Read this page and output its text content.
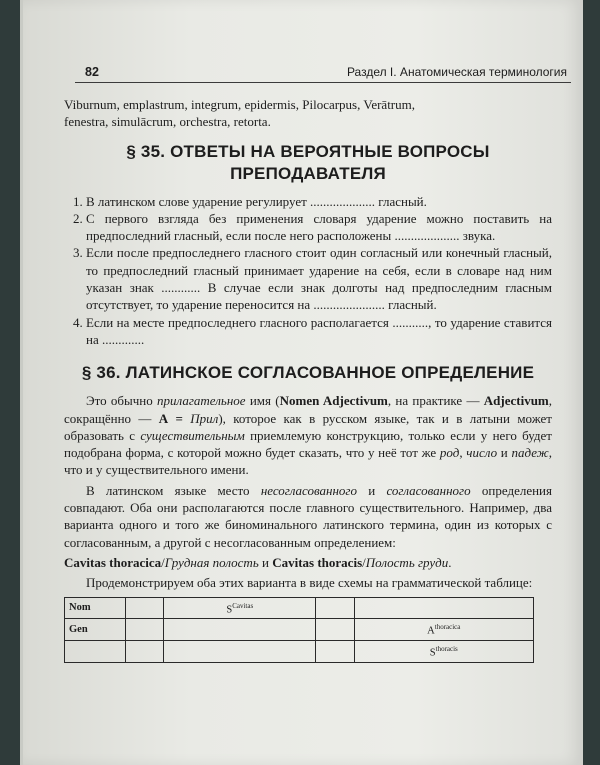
82	Раздел I. Анатомическая терминология

Viburnum, emplastrum, integrum, epidermis, Pilocarpus, Verātrum,
fenestra, simulācrum, orchestra, retorta.

§ 35. ОТВЕТЫ НА ВЕРОЯТНЫЕ ВОПРОСЫ
ПРЕПОДАВАТЕЛЯ
1. В латинском слове ударение регулирует .................... гласный.
2. С первого взгляда без применения словаря ударение можно поставить на предпоследний гласный, если после него расположены .................... звука.
3. Если после предпоследнего гласного стоит один согласный или конечный гласный, то предпоследний гласный принимает ударение на себя, если в словаре над ним указан знак ............ В случае если знак долготы над предпоследним гласным отсутствует, то ударение переносится на ...................... гласный.
4. Если на месте предпоследнего гласного располагается ..........., то ударение ставится на .............
§ 36. ЛАТИНСКОЕ СОГЛАСОВАННОЕ ОПРЕДЕЛЕНИЕ

Это обычно прилагательное имя (Nomen Adjectivum, на практике — Adjectivum, сокращённо — А = Прил), которое как в русском языке, так и в латыни может образовать с существительным приемлемую конструкцию, только если у него будет подобрана форма, с которой можно будет сказать, что у неё тот же род, число и падеж, что и у существительного имени.

В латинском языке место несогласованного и согласованного определения совпадают. Оба они располагаются после главного существительного. Например, два варианта одного и того же биноминального латинского термина, один из которых с согласованным, а другой с несогласованным определением:

Cavitas thoracica/Грудная полость и Cavitas thoracis/Полость груди.

Продемонстрируем оба этих варианта в виде схемы на грамматической таблице:

Nom		$S^{Cavitas}$		
Gen				$A^{thoracica}$
				$S^{thoracis}$
